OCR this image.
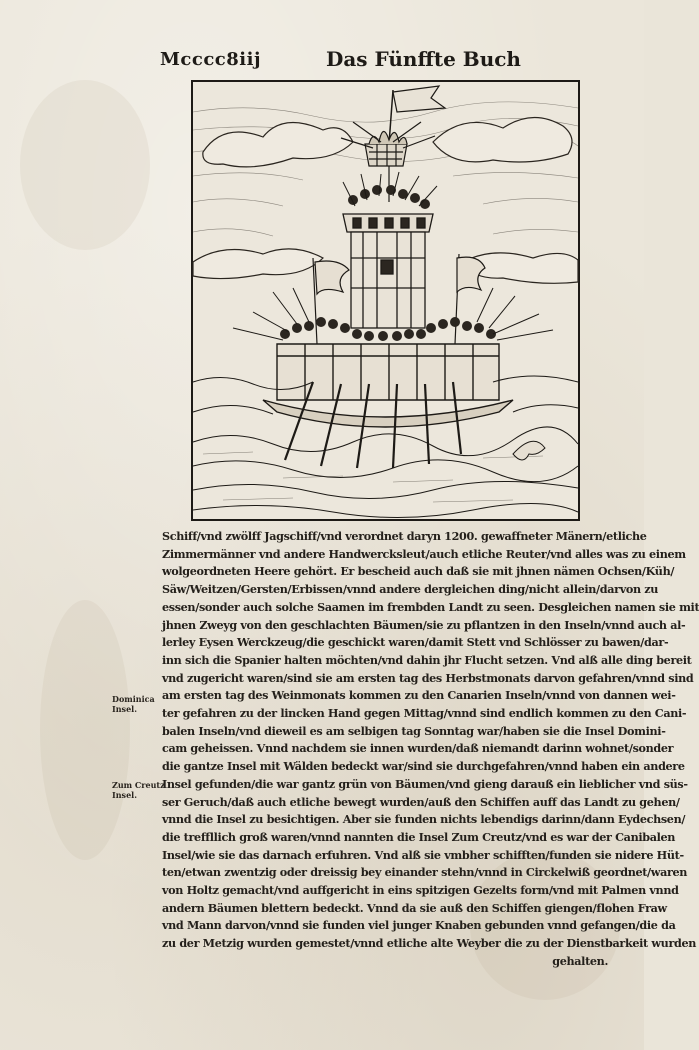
Mcccc8iij	Das Fünffte Buch
Dominica
Insel.
Zum Creutz
Insel.
Schiff/vnd zwölff Jagschiff/vnd verordnet daryn 1200. gewaffneter Mänern/etliche
Zimmermänner vnd andere Handwercksleut/auch etliche Reuter/vnd alles was zu einem
wolgeordneten Heere gehört. Er bescheid auch daß sie mit jhnen nämen Ochsen/Küh/
Säw/Weitzen/Gersten/Erbissen/vnnd andere dergleichen ding/nicht allein/darvon zu
essen/sonder auch solche Saamen im frembden Landt zu seen. Desgleichen namen sie mit
jhnen Zweyg von den geschlachten Bäumen/sie zu pflantzen in den Inseln/vnnd auch al-
lerley Eysen Werckzeug/die geschickt waren/damit Stett vnd Schlösser zu bawen/dar-
inn sich die Spanier halten möchten/vnd dahin jhr Flucht setzen. Vnd alß alle ding bereit
vnd zugericht waren/sind sie am ersten tag des Herbstmonats darvon gefahren/vnnd sind
am ersten tag des Weinmonats kommen zu den Canarien Inseln/vnnd von dannen wei-
ter gefahren zu der lincken Hand gegen Mittag/vnnd sind endlich kommen zu den Cani-
balen Inseln/vnd dieweil es am selbigen tag Sonntag war/haben sie die Insel Domini-
cam geheissen. Vnnd nachdem sie innen wurden/daß niemandt darinn wohnet/sonder
die gantze Insel mit Wälden bedeckt war/sind sie durchgefahren/vnnd haben ein andere
Insel gefunden/die war gantz grün von Bäumen/vnd gieng darauß ein lieblicher vnd süs-
ser Geruch/daß auch etliche bewegt wurden/auß den Schiffen auff das Landt zu gehen/
vnnd die Insel zu besichtigen. Aber sie funden nichts lebendigs darinn/dann Eydechsen/
die treffllich groß waren/vnnd nannten die Insel Zum Creutz/vnd es war der Canibalen
Insel/wie sie das darnach erfuhren. Vnd alß sie vmbher schifften/funden sie nidere Hüt-
ten/etwan zwentzig oder dreissig bey einander stehn/vnnd in Circkelwiß geordnet/waren
von Holtz gemacht/vnd auffgericht in eins spitzigen Gezelts form/vnd mit Palmen vnnd
andern Bäumen blettern bedeckt. Vnnd da sie auß den Schiffen giengen/flohen Fraw
vnd Mann darvon/vnnd sie funden viel junger Knaben gebunden vnnd gefangen/die da
zu der Metzig wurden gemestet/vnnd etliche alte Weyber die zu der Dienstbarkeit wurden
gehalten.
